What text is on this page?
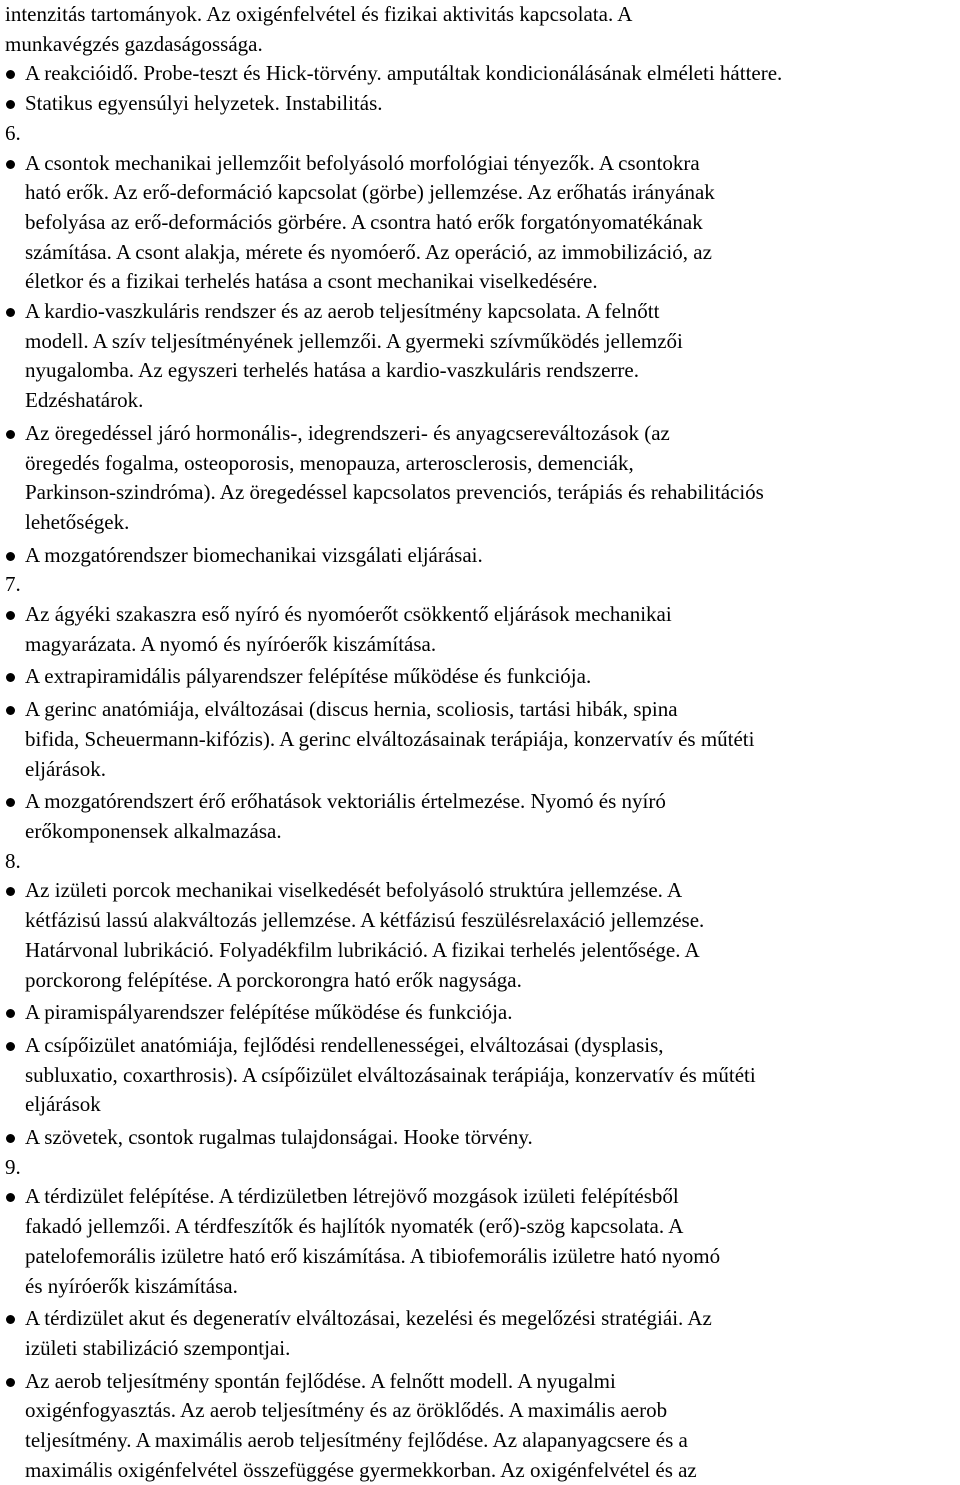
intenzitás tartományok. Az oxigénfelvétel és fizikai aktivitás kapcsolata. A
munkavégzés gazdaságossága.

A reakcióidő. Probe-teszt és Hick-törvény. amputáltak kondicionálásának elméleti háttere.

Statikus egyensúlyi helyzetek. Instabilitás.

6.

A csontok mechanikai jellemzőit befolyásoló morfológiai tényezők. A csontokra
ható erők. Az erő-deformáció kapcsolat (görbe) jellemzése. Az erőhatás irányának
befolyása az erő-deformációs görbére. A csontra ható erők forgatónyomatékának
számítása. A csont alakja, mérete és nyomóerő. Az operáció, az immobilizáció, az
életkor és a fizikai terhelés hatása a csont mechanikai viselkedésére.

A kardio-vaszkuláris rendszer és az aerob teljesítmény kapcsolata. A felnőtt
modell. A szív teljesítményének jellemzői. A gyermeki szívműködés jellemzői
nyugalomba. Az egyszeri terhelés hatása a kardio-vaszkuláris rendszerre.
Edzéshatárok.

Az öregedéssel járó hormonális-, idegrendszeri- és anyagcsereváltozások (az
öregedés fogalma, osteoporosis, menopauza, arterosclerosis, demenciák,
Parkinson-szindróma). Az öregedéssel kapcsolatos prevenciós, terápiás és rehabilitációs
lehetőségek.

A mozgatórendszer biomechanikai vizsgálati eljárásai.

7.

Az ágyéki szakaszra eső nyíró és nyomóerőt csökkentő eljárások mechanikai
magyarázata. A nyomó és nyíróerők kiszámítása.

A extrapiramidális pályarendszer felépítése működése és funkciója.

A gerinc anatómiája, elváltozásai (discus hernia, scoliosis, tartási hibák, spina
bifida, Scheuermann-kifózis). A gerinc elváltozásainak terápiája, konzervatív és műtéti
eljárások.

A mozgatórendszert érő erőhatások vektoriális értelmezése. Nyomó és nyíró
erőkomponensek alkalmazása.

8.

Az izületi porcok mechanikai viselkedését befolyásoló struktúra jellemzése. A
kétfázisú lassú alakváltozás jellemzése. A kétfázisú feszülésrelaxáció jellemzése.
Határvonal lubrikáció. Folyadékfilm lubrikáció. A fizikai terhelés jelentősége. A
porckorong felépítése. A porckorongra ható erők nagysága.

A piramispályarendszer felépítése működése és funkciója.

A csípőizület anatómiája, fejlődési rendellenességei, elváltozásai (dysplasis,
subluxatio, coxarthrosis). A csípőizület elváltozásainak terápiája, konzervatív és műtéti
eljárások

A szövetek, csontok rugalmas tulajdonságai. Hooke törvény.

9.

A térdizület felépítése. A térdizületben létrejövő mozgások izületi felépítésből
fakadó jellemzői. A térdfeszítők és hajlítók nyomaték (erő)-szög kapcsolata. A
patelofemorális izületre ható erő kiszámítása. A tibiofemorális izületre ható nyomó
és nyíróerők kiszámítása.

A térdizület akut és degeneratív elváltozásai, kezelési és megelőzési stratégiái. Az
izületi stabilizáció szempontjai.

Az aerob teljesítmény spontán fejlődése. A felnőtt modell. A nyugalmi
oxigénfogyasztás. Az aerob teljesítmény és az öröklődés. A maximális aerob
teljesítmény. A maximális aerob teljesítmény fejlődése. Az alapanyagcsere és a
maximális oxigénfelvétel összefüggése gyermekkorban. Az oxigénfelvétel és az
